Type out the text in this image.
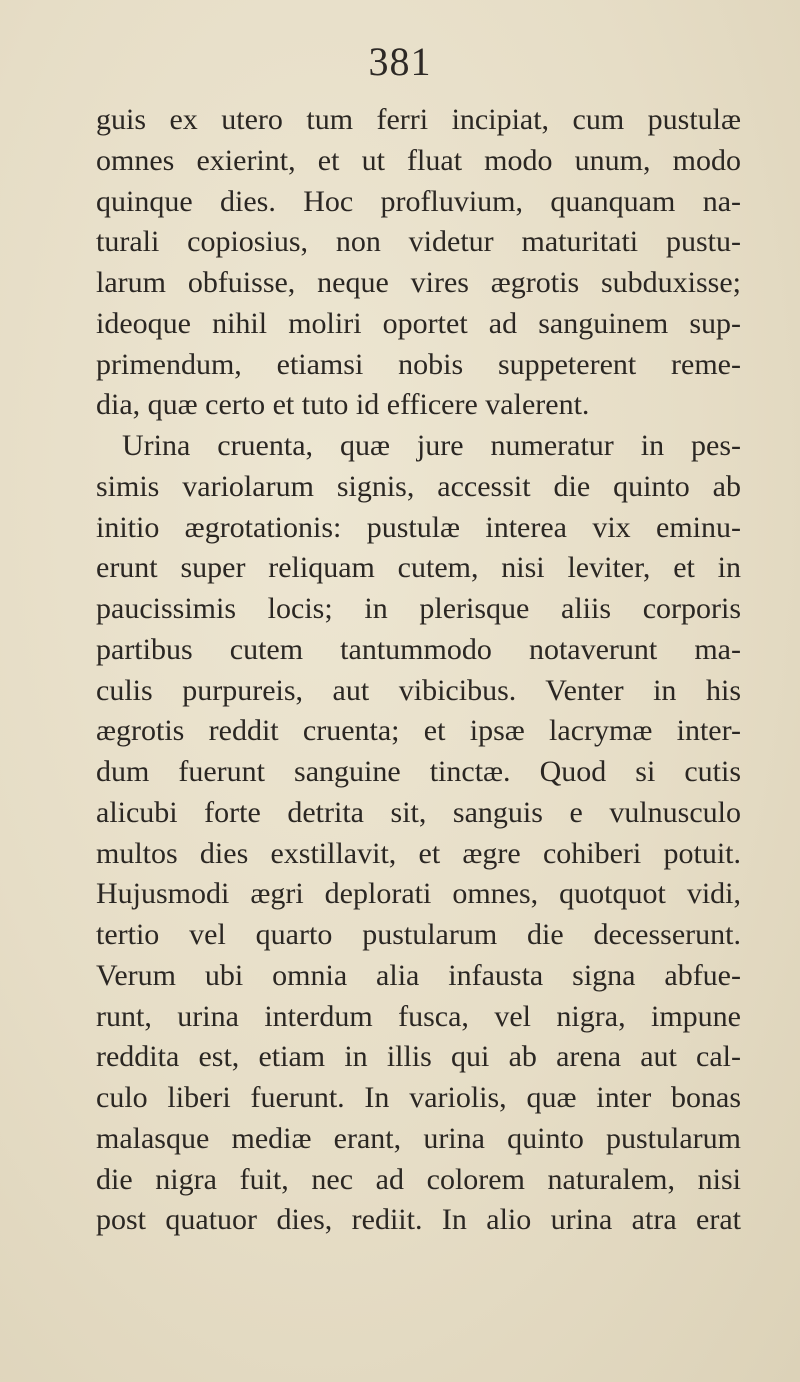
381
guis ex utero tum ferri incipiat, cum pustulæ
omnes exierint, et ut fluat modo unum, modo
quinque dies. Hoc profluvium, quanquam na-
turali copiosius, non videtur maturitati pustu-
larum obfuisse, neque vires ægrotis subduxisse;
ideoque nihil moliri oportet ad sanguinem sup-
primendum, etiamsi nobis suppeterent reme-
dia, quæ certo et tuto id efficere valerent.
Urina cruenta, quæ jure numeratur in pes-
simis variolarum signis, accessit die quinto ab
initio ægrotationis: pustulæ interea vix eminu-
erunt super reliquam cutem, nisi leviter, et in
paucissimis locis; in plerisque aliis corporis
partibus cutem tantummodo notaverunt ma-
culis purpureis, aut vibicibus. Venter in his
ægrotis reddit cruenta; et ipsæ lacrymæ inter-
dum fuerunt sanguine tinctæ. Quod si cutis
alicubi forte detrita sit, sanguis e vulnusculo
multos dies exstillavit, et ægre cohiberi potuit.
Hujusmodi ægri deplorati omnes, quotquot vidi,
tertio vel quarto pustularum die decesserunt.
Verum ubi omnia alia infausta signa abfue-
runt, urina interdum fusca, vel nigra, impune
reddita est, etiam in illis qui ab arena aut cal-
culo liberi fuerunt. In variolis, quæ inter bonas
malasque mediæ erant, urina quinto pustularum
die nigra fuit, nec ad colorem naturalem, nisi
post quatuor dies, rediit. In alio urina atra erat
